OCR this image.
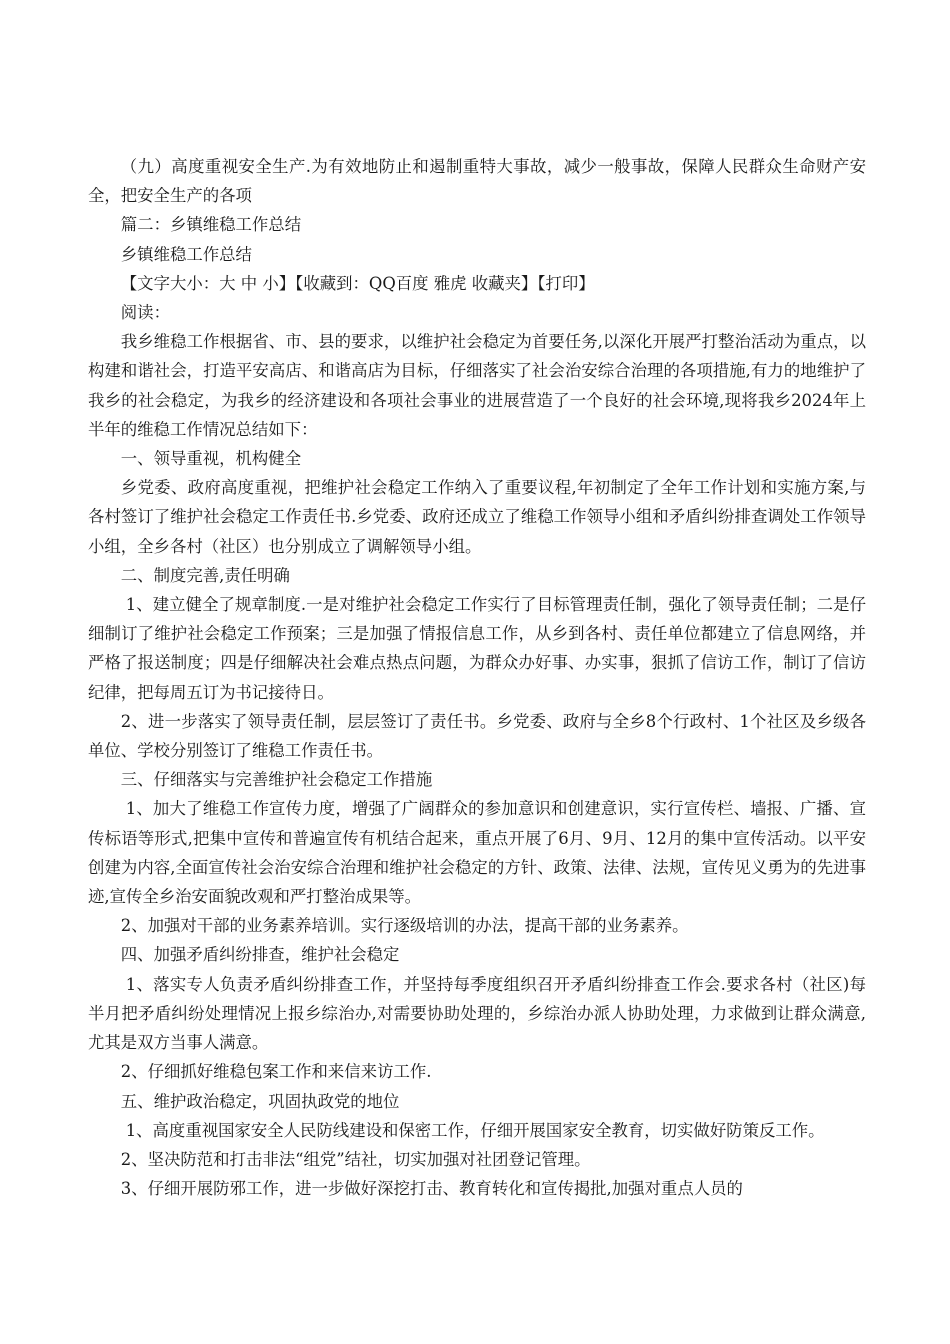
（九）高度重视安全生产.为有效地防止和遏制重特大事故，减少一般事故，保障人民群众生命财产安全，把安全生产的各项

篇二：乡镇维稳工作总结

乡镇维稳工作总结

【文字大小：大 中 小】【收藏到：QQ百度 雅虎 收藏夹】【打印】

阅读：

我乡维稳工作根据省、市、县的要求，以维护社会稳定为首要任务,以深化开展严打整治活动为重点，以构建和谐社会，打造平安高店、和谐高店为目标，仔细落实了社会治安综合治理的各项措施,有力的地维护了我乡的社会稳定，为我乡的经济建设和各项社会事业的进展营造了一个良好的社会环境,现将我乡2024年上半年的维稳工作情况总结如下：

一、领导重视，机构健全

乡党委、政府高度重视，把维护社会稳定工作纳入了重要议程,年初制定了全年工作计划和实施方案,与各村签订了维护社会稳定工作责任书.乡党委、政府还成立了维稳工作领导小组和矛盾纠纷排查调处工作领导小组，全乡各村（社区）也分别成立了调解领导小组。

二、制度完善,责任明确

1、建立健全了规章制度.一是对维护社会稳定工作实行了目标管理责任制，强化了领导责任制；二是仔细制订了维护社会稳定工作预案；三是加强了情报信息工作，从乡到各村、责任单位都建立了信息网络，并严格了报送制度；四是仔细解决社会难点热点问题，为群众办好事、办实事，狠抓了信访工作，制订了信访纪律，把每周五订为书记接待日。

2、进一步落实了领导责任制，层层签订了责任书。乡党委、政府与全乡8个行政村、1个社区及乡级各单位、学校分别签订了维稳工作责任书。

三、仔细落实与完善维护社会稳定工作措施

1、加大了维稳工作宣传力度，增强了广阔群众的参加意识和创建意识，实行宣传栏、墙报、广播、宣传标语等形式,把集中宣传和普遍宣传有机结合起来，重点开展了6月、9月、12月的集中宣传活动。以平安创建为内容,全面宣传社会治安综合治理和维护社会稳定的方针、政策、法律、法规，宣传见义勇为的先进事迹,宣传全乡治安面貌改观和严打整治成果等。

2、加强对干部的业务素养培训。实行逐级培训的办法，提高干部的业务素养。

四、加强矛盾纠纷排查，维护社会稳定

1、落实专人负责矛盾纠纷排查工作，并坚持每季度组织召开矛盾纠纷排查工作会.要求各村（社区)每半月把矛盾纠纷处理情况上报乡综治办,对需要协助处理的，乡综治办派人协助处理，力求做到让群众满意,尤其是双方当事人满意。

2、仔细抓好维稳包案工作和来信来访工作.

五、维护政治稳定，巩固执政党的地位

1、高度重视国家安全人民防线建设和保密工作，仔细开展国家安全教育，切实做好防策反工作。

2、坚决防范和打击非法“组党”结社，切实加强对社团登记管理。

3、仔细开展防邪工作，进一步做好深挖打击、教育转化和宣传揭批,加强对重点人员的
